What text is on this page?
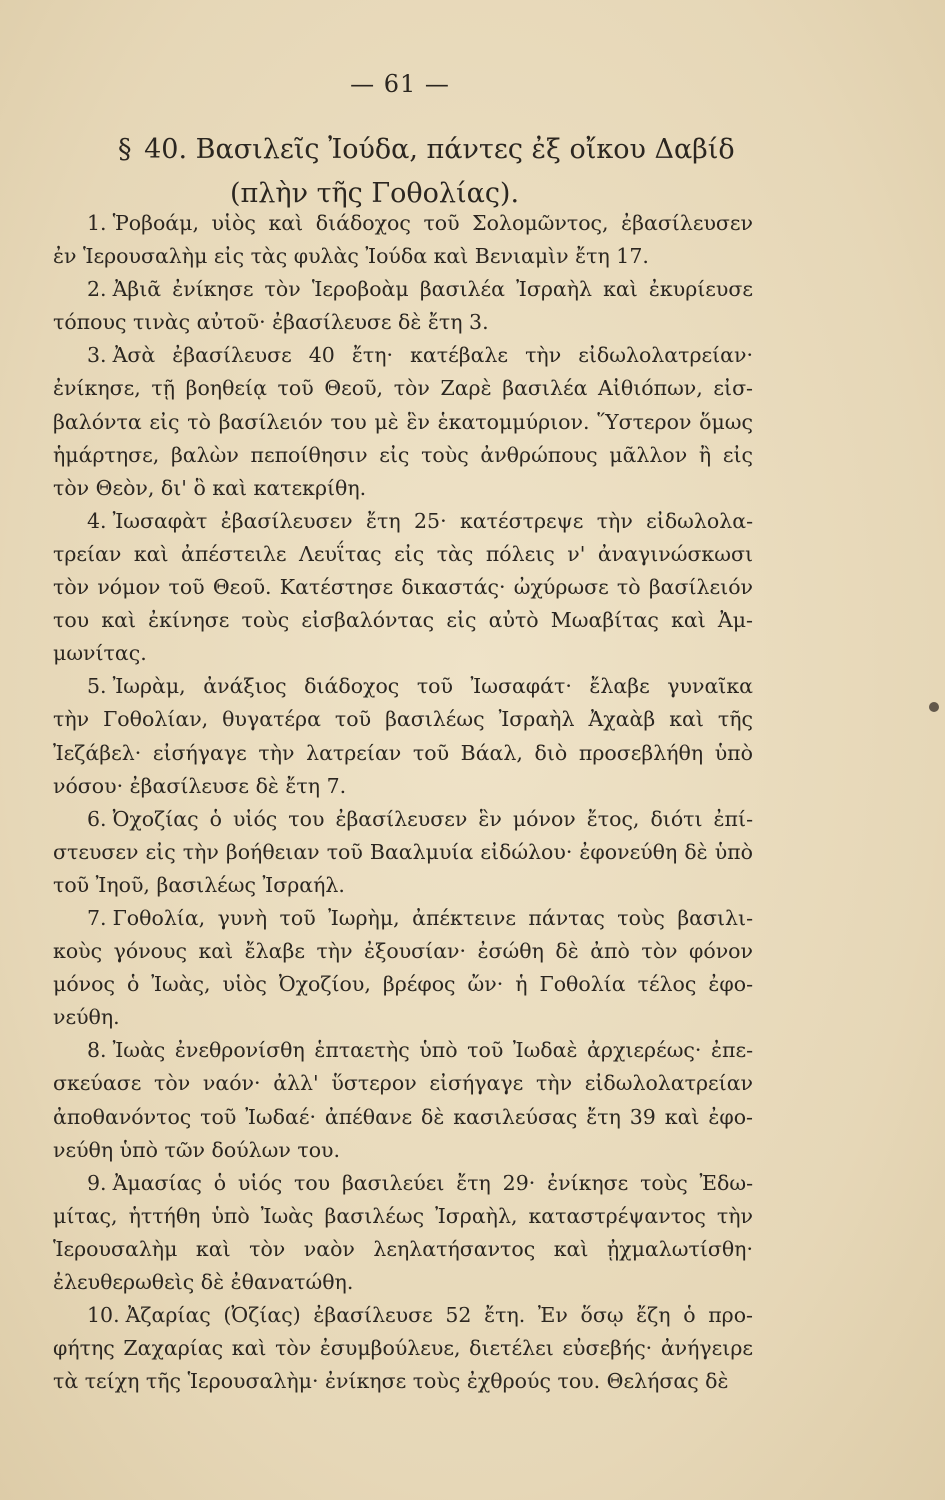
— 61 —
§ 40. Βασιλεῖς Ἰούδα, πάντες ἐξ οἴκου Δαβίδ
(πλὴν τῆς Γοθολίας).
1. Ῥοβοάμ, υἱὸς καὶ διάδοχος τοῦ Σολομῶντος, ἐβασίλευσεν
ἐν Ἱερουσαλὴμ εἰς τὰς φυλὰς Ἰούδα καὶ Βενιαμὶν ἔτη 17.
2. Ἀβιᾶ ἐνίκησε τὸν Ἱεροβοὰμ βασιλέα Ἰσραὴλ καὶ ἐκυρίευσε
τόπους τινὰς αὐτοῦ· ἐβασίλευσε δὲ ἔτη 3.
3. Ἀσὰ ἐβασίλευσε 40 ἔτη· κατέβαλε τὴν εἰδωλολατρείαν·
ἐνίκησε, τῇ βοηθείᾳ τοῦ Θεοῦ, τὸν Ζαρὲ βασιλέα Αἰθιόπων, εἰσ-
βαλόντα εἰς τὸ βασίλειόν του μὲ ἓν ἑκατομμύριον. Ὕστερον ὅμως
ἡμάρτησε, βαλὼν πεποίθησιν εἰς τοὺς ἀνθρώπους μᾶλλον ἢ εἰς
τὸν Θεὸν, δι' ὃ καὶ κατεκρίθη.
4. Ἰωσαφὰτ ἐβασίλευσεν ἔτη 25· κατέστρεψε τὴν εἰδωλολα-
τρείαν καὶ ἀπέστειλε Λευΐτας εἰς τὰς πόλεις ν' ἀναγινώσκωσι
τὸν νόμον τοῦ Θεοῦ. Κατέστησε δικαστάς· ὠχύρωσε τὸ βασίλειόν
του καὶ ἐκίνησε τοὺς εἰσβαλόντας εἰς αὐτὸ Μωαβίτας καὶ Ἀμ-
μωνίτας.
5. Ἰωρὰμ, ἀνάξιος διάδοχος τοῦ Ἰωσαφάτ· ἔλαβε γυναῖκα
τὴν Γοθολίαν, θυγατέρα τοῦ βασιλέως Ἰσραὴλ Ἀχαὰβ καὶ τῆς
Ἰεζάβελ· εἰσήγαγε τὴν λατρείαν τοῦ Βάαλ, διὸ προσεβλήθη ὑπὸ
νόσου· ἐβασίλευσε δὲ ἔτη 7.
6. Ὀχοζίας ὁ υἱός του ἐβασίλευσεν ἓν μόνον ἔτος, διότι ἐπί-
στευσεν εἰς τὴν βοήθειαν τοῦ Βααλμυία εἰδώλου· ἐφονεύθη δὲ ὑπὸ
τοῦ Ἰηοῦ, βασιλέως Ἰσραήλ.
7. Γοθολία, γυνὴ τοῦ Ἰωρὴμ, ἀπέκτεινε πάντας τοὺς βασιλι-
κοὺς γόνους καὶ ἔλαβε τὴν ἐξουσίαν· ἐσώθη δὲ ἀπὸ τὸν φόνον
μόνος ὁ Ἰωὰς, υἱὸς Ὀχοζίου, βρέφος ὤν· ἡ Γοθολία τέλος ἐφο-
νεύθη.
8. Ἰωὰς ἐνεθρονίσθη ἑπταετὴς ὑπὸ τοῦ Ἰωδαὲ ἀρχιερέως· ἐπε-
σκεύασε τὸν ναόν· ἀλλ' ὕστερον εἰσήγαγε τὴν εἰδωλολατρείαν
ἀποθανόντος τοῦ Ἰωδαέ· ἀπέθανε δὲ κασιλεύσας ἔτη 39 καὶ ἐφο-
νεύθη ὑπὸ τῶν δούλων του.
9. Ἀμασίας ὁ υἱός του βασιλεύει ἔτη 29· ἐνίκησε τοὺς Ἐδω-
μίτας, ἡττήθη ὑπὸ Ἰωὰς βασιλέως Ἰσραὴλ, καταστρέψαντος τὴν
Ἱερουσαλὴμ καὶ τὸν ναὸν λεηλατήσαντος καὶ ᾐχμαλωτίσθη·
ἐλευθερωθεὶς δὲ ἐθανατώθη.
10. Ἀζαρίας (Ὀζίας) ἐβασίλευσε 52 ἔτη. Ἐν ὅσῳ ἔζη ὁ προ-
φήτης Ζαχαρίας καὶ τὸν ἐσυμβούλευε, διετέλει εὐσεβής· ἀνήγειρε
τὰ τείχη τῆς Ἱερουσαλὴμ· ἐνίκησε τοὺς ἐχθρούς του. Θελήσας δὲ
